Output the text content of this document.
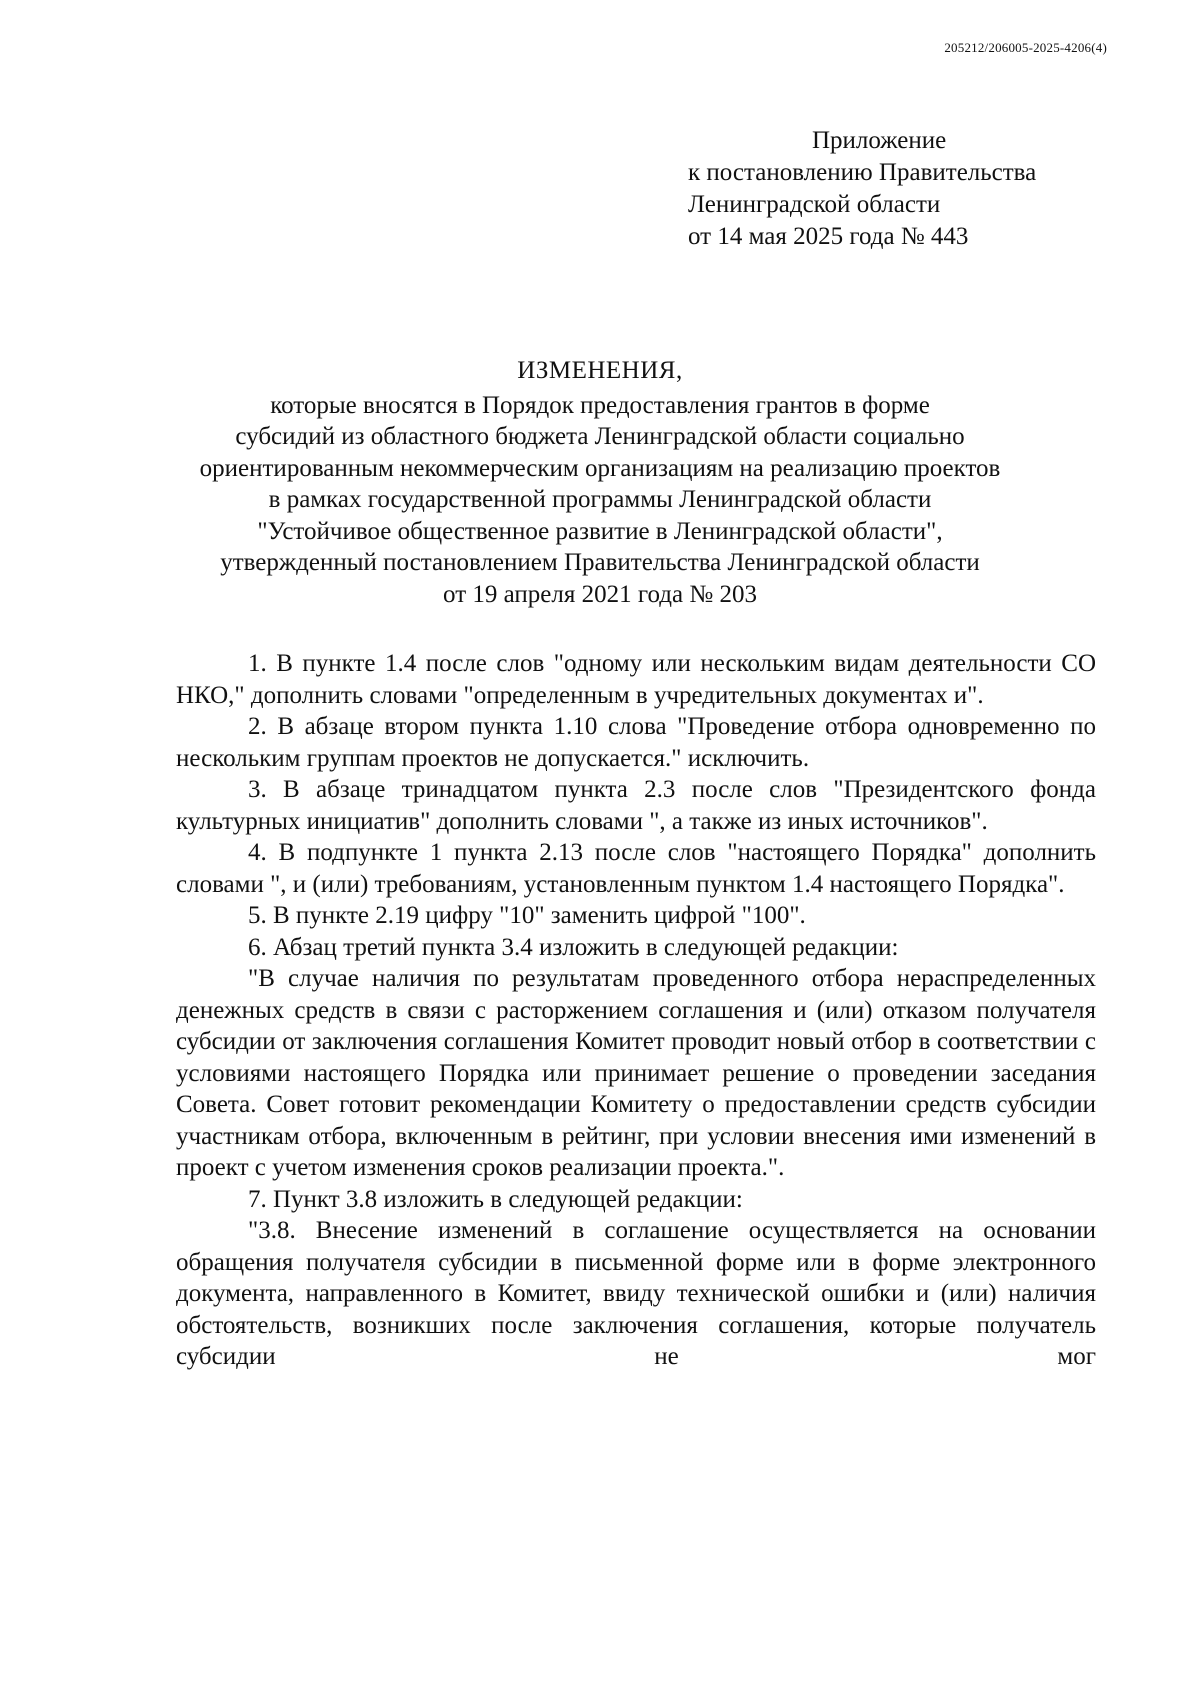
205212/206005-2025-4206(4)
Приложение
к постановлению Правительства
Ленинградской области
от 14 мая 2025 года № 443
ИЗМЕНЕНИЯ,
которые вносятся в Порядок предоставления грантов в форме
субсидий из областного бюджета Ленинградской области социально
ориентированным некоммерческим организациям на реализацию проектов
в рамках государственной программы Ленинградской области
"Устойчивое общественное развитие в Ленинградской области",
утвержденный постановлением Правительства Ленинградской области
от 19 апреля 2021 года № 203

1. В пункте 1.4 после слов "одному или нескольким видам деятельности СО НКО," дополнить словами "определенным в учредительных документах и".

2. В абзаце втором пункта 1.10 слова "Проведение отбора одновременно по нескольким группам проектов не допускается." исключить.

3. В абзаце тринадцатом пункта 2.3 после слов "Президентского фонда культурных инициатив" дополнить словами ", а также из иных источников".

4. В подпункте 1 пункта 2.13 после слов "настоящего Порядка" дополнить словами ", и (или) требованиям, установленным пунктом 1.4 настоящего Порядка".

5. В пункте 2.19 цифру "10" заменить цифрой "100".

6. Абзац третий пункта 3.4 изложить в следующей редакции:

"В случае наличия по результатам проведенного отбора нераспределенных денежных средств в связи с расторжением соглашения и (или) отказом получателя субсидии от заключения соглашения Комитет проводит новый отбор в соответствии с условиями настоящего Порядка или принимает решение о проведении заседания Совета. Совет готовит рекомендации Комитету о предоставлении средств субсидии участникам отбора, включенным в рейтинг, при условии внесения ими изменений в проект с учетом изменения сроков реализации проекта.".

7. Пункт 3.8 изложить в следующей редакции:

"3.8. Внесение изменений в соглашение осуществляется на основании обращения получателя субсидии в письменной форме или в форме электронного документа, направленного в Комитет, ввиду технической ошибки и (или) наличия обстоятельств, возникших после заключения соглашения, которые получатель субсидии не мог
